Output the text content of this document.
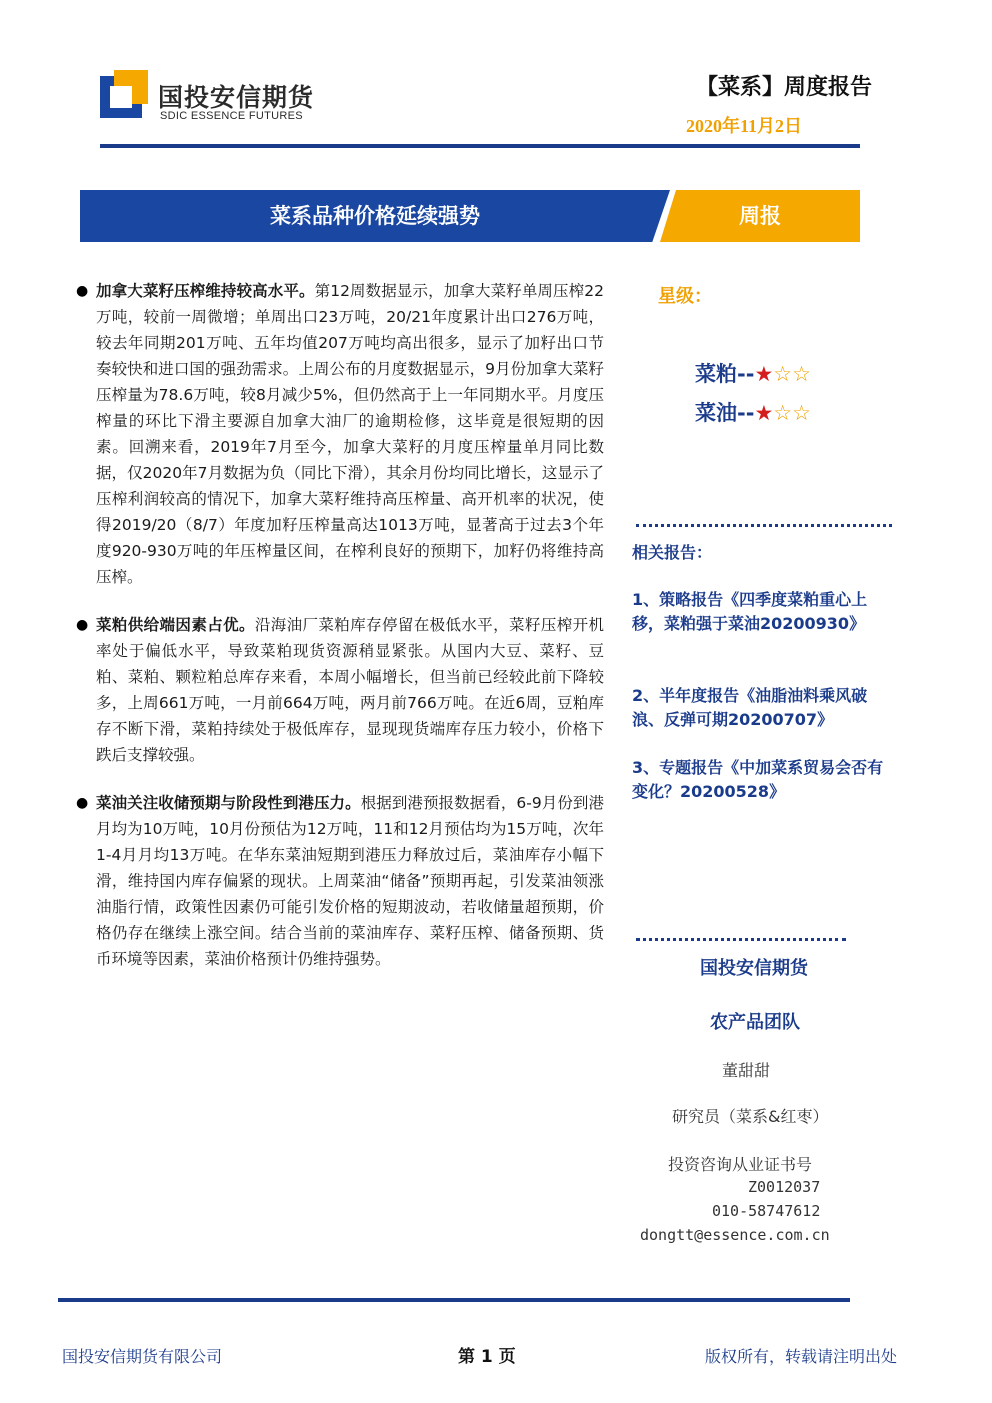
国投安信期货
SDIC ESSENCE FUTURES
【菜系】周度报告
2020年11月2日
菜系品种价格延续强势	周报
● 加拿大菜籽压榨维持较高水平。第12周数据显示，加拿大菜籽单周压榨22万吨，较前一周微增；单周出口23万吨，20/21年度累计出口276万吨，较去年同期201万吨、五年均值207万吨均高出很多，显示了加籽出口节奏较快和进口国的强劲需求。上周公布的月度数据显示，9月份加拿大菜籽压榨量为78.6万吨，较8月减少5%，但仍然高于上一年同期水平。月度压榨量的环比下滑主要源自加拿大油厂的逾期检修，这毕竟是很短期的因素。回溯来看，2019年7月至今，加拿大菜籽的月度压榨量单月同比数据，仅2020年7月数据为负（同比下滑），其余月份均同比增长，这显示了压榨利润较高的情况下，加拿大菜籽维持高压榨量、高开机率的状况，使得2019/20（8/7）年度加籽压榨量高达1013万吨，显著高于过去3个年度920-930万吨的年压榨量区间，在榨利良好的预期下，加籽仍将维持高压榨。
● 菜粕供给端因素占优。沿海油厂菜粕库存停留在极低水平，菜籽压榨开机率处于偏低水平，导致菜粕现货资源稍显紧张。从国内大豆、菜籽、豆粕、菜粕、颗粒粕总库存来看，本周小幅增长，但当前已经较此前下降较多，上周661万吨，一月前664万吨，两月前766万吨。在近6周，豆粕库存不断下滑，菜粕持续处于极低库存，显现现货端库存压力较小，价格下跌后支撑较强。
● 菜油关注收储预期与阶段性到港压力。根据到港预报数据看，6-9月份到港月均为10万吨，10月份预估为12万吨，11和12月预估均为15万吨，次年1-4月月均13万吨。在华东菜油短期到港压力释放过后，菜油库存小幅下滑，维持国内库存偏紧的现状。上周菜油“储备”预期再起，引发菜油领涨油脂行情，政策性因素仍可能引发价格的短期波动，若收储量超预期，价格仍存在继续上涨空间。结合当前的菜油库存、菜籽压榨、储备预期、货币环境等因素，菜油价格预计仍维持强势。
星级：
菜粕--★☆☆
菜油--★☆☆
相关报告：
1、策略报告《四季度菜粕重心上移，菜粕强于菜油20200930》
2、半年度报告《油脂油料乘风破浪、反弹可期20200707》
3、专题报告《中加菜系贸易会否有变化？20200528》
国投安信期货
农产品团队
董甜甜
研究员（菜系&红枣）
投资咨询从业证书号
Z0012037
010-58747612
dongtt@essence.com.cn
国投安信期货有限公司	第 1 页	版权所有，转载请注明出处
